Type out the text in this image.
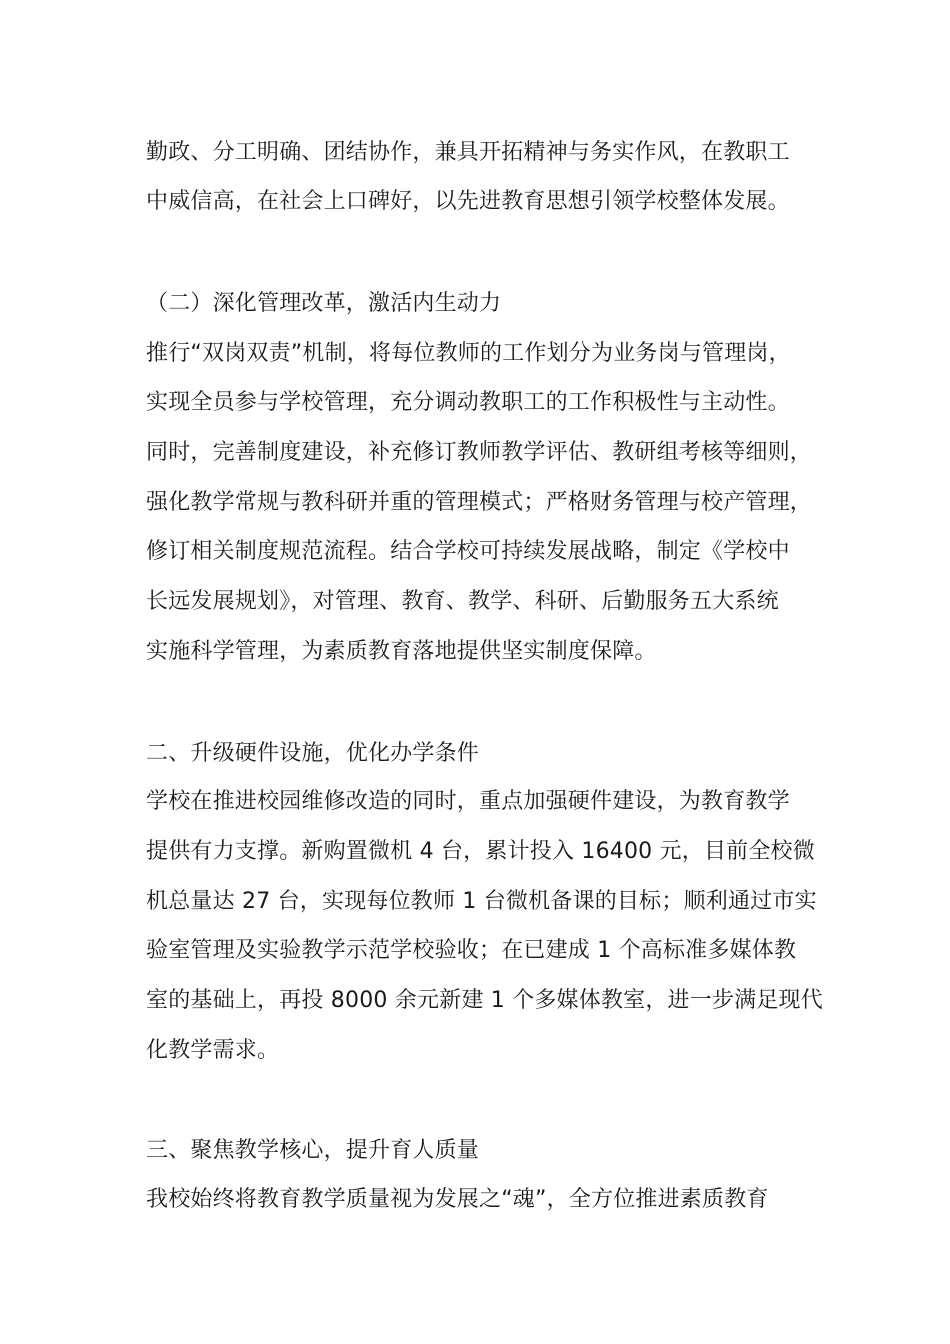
勤政、分工明确、团结协作，兼具开拓精神与务实作风，在教职工
中威信高，在社会上口碑好，以先进教育思想引领学校整体发展。
（二）深化管理改革，激活内生动力
推行“双岗双责”机制，将每位教师的工作划分为业务岗与管理岗，
实现全员参与学校管理，充分调动教职工的工作积极性与主动性。
同时，完善制度建设，补充修订教师教学评估、教研组考核等细则，
强化教学常规与教科研并重的管理模式；严格财务管理与校产管理，
修订相关制度规范流程。结合学校可持续发展战略，制定《学校中
长远发展规划》，对管理、教育、教学、科研、后勤服务五大系统
实施科学管理，为素质教育落地提供坚实制度保障。
二、升级硬件设施，优化办学条件
学校在推进校园维修改造的同时，重点加强硬件建设，为教育教学
提供有力支撑。新购置微机 4 台，累计投入 16400 元，目前全校微
机总量达 27 台，实现每位教师 1 台微机备课的目标；顺利通过市实
验室管理及实验教学示范学校验收；在已建成 1 个高标准多媒体教
室的基础上，再投 8000 余元新建 1 个多媒体教室，进一步满足现代
化教学需求。
三、聚焦教学核心，提升育人质量
我校始终将教育教学质量视为发展之“魂”，全方位推进素质教育
